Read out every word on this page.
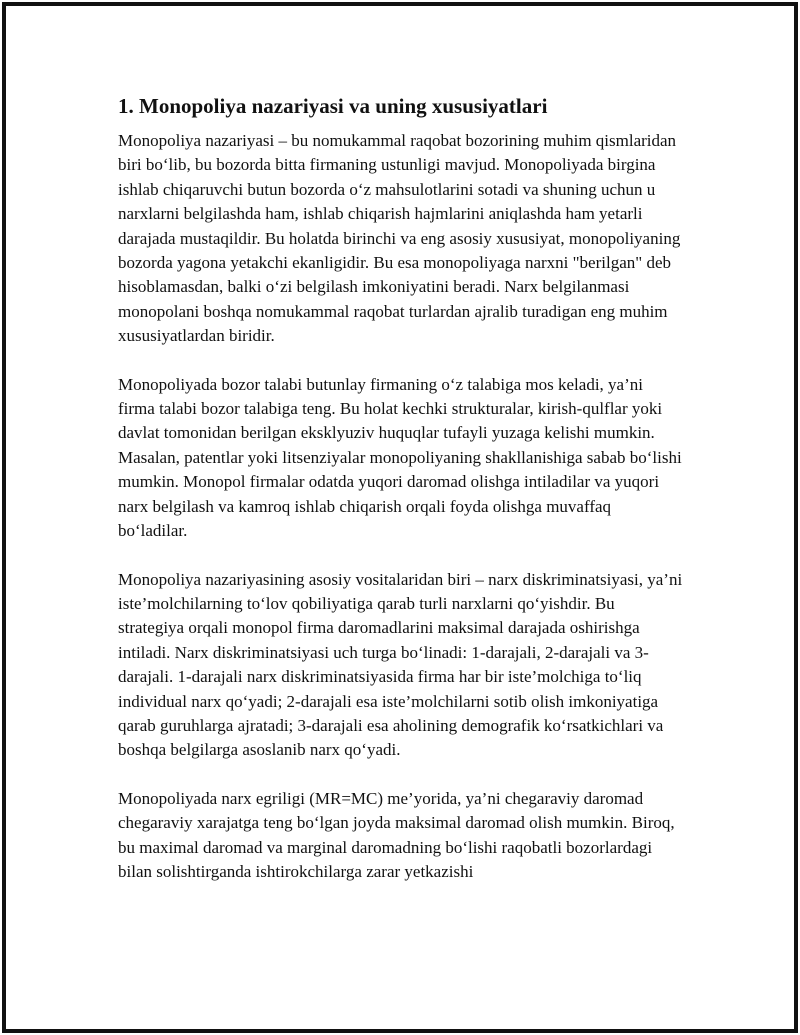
1. Monopoliya nazariyasi va uning xususiyatlari

Monopoliya nazariyasi – bu nomukammal raqobat bozorining muhim qismlaridan biri bo‘lib, bu bozorda bitta firmaning ustunligi mavjud. Monopoliyada birgina ishlab chiqaruvchi butun bozorda o‘z mahsulotlarini sotadi va shuning uchun u narxlarni belgilashda ham, ishlab chiqarish hajmlarini aniqlashda ham yetarli darajada mustaqildir. Bu holatda birinchi va eng asosiy xususiyat, monopoliyaning bozorda yagona yetakchi ekanligidir. Bu esa monopoliyaga narxni "berilgan" deb hisoblamasdan, balki o‘zi belgilash imkoniyatini beradi. Narx belgilanmasi monopolani boshqa nomukammal raqobat turlardan ajralib turadigan eng muhim xususiyatlardan biridir.

Monopoliyada bozor talabi butunlay firmaning o‘z talabiga mos keladi, ya’ni firma talabi bozor talabiga teng. Bu holat kechki strukturalar, kirish-qulflar yoki davlat tomonidan berilgan eksklyuziv huquqlar tufayli yuzaga kelishi mumkin. Masalan, patentlar yoki litsenziyalar monopoliyaning shakllanishiga sabab bo‘lishi mumkin. Monopol firmalar odatda yuqori daromad olishga intiladilar va yuqori narx belgilash va kamroq ishlab chiqarish orqali foyda olishga muvaffaq bo‘ladilar.

Monopoliya nazariyasining asosiy vositalaridan biri – narx diskriminatsiyasi, ya’ni iste’molchilarning to‘lov qobiliyatiga qarab turli narxlarni qo‘yishdir. Bu strategiya orqali monopol firma daromadlarini maksimal darajada oshirishga intiladi. Narx diskriminatsiyasi uch turga bo‘linadi: 1-darajali, 2-darajali va 3-darajali. 1-darajali narx diskriminatsiyasida firma har bir iste’molchiga to‘liq individual narx qo‘yadi; 2-darajali esa iste’molchilarni sotib olish imkoniyatiga qarab guruhlarga ajratadi; 3-darajali esa aholining demografik ko‘rsatkichlari va boshqa belgilarga asoslanib narx qo‘yadi.

Monopoliyada narx egriligi (MR=MC) me’yorida, ya’ni chegaraviy daromad chegaraviy xarajatga teng bo‘lgan joyda maksimal daromad olish mumkin. Biroq, bu maximal daromad va marginal daromadning bo‘lishi raqobatli bozorlardagi bilan solishtirganda ishtirokchilarga zarar yetkazishi
